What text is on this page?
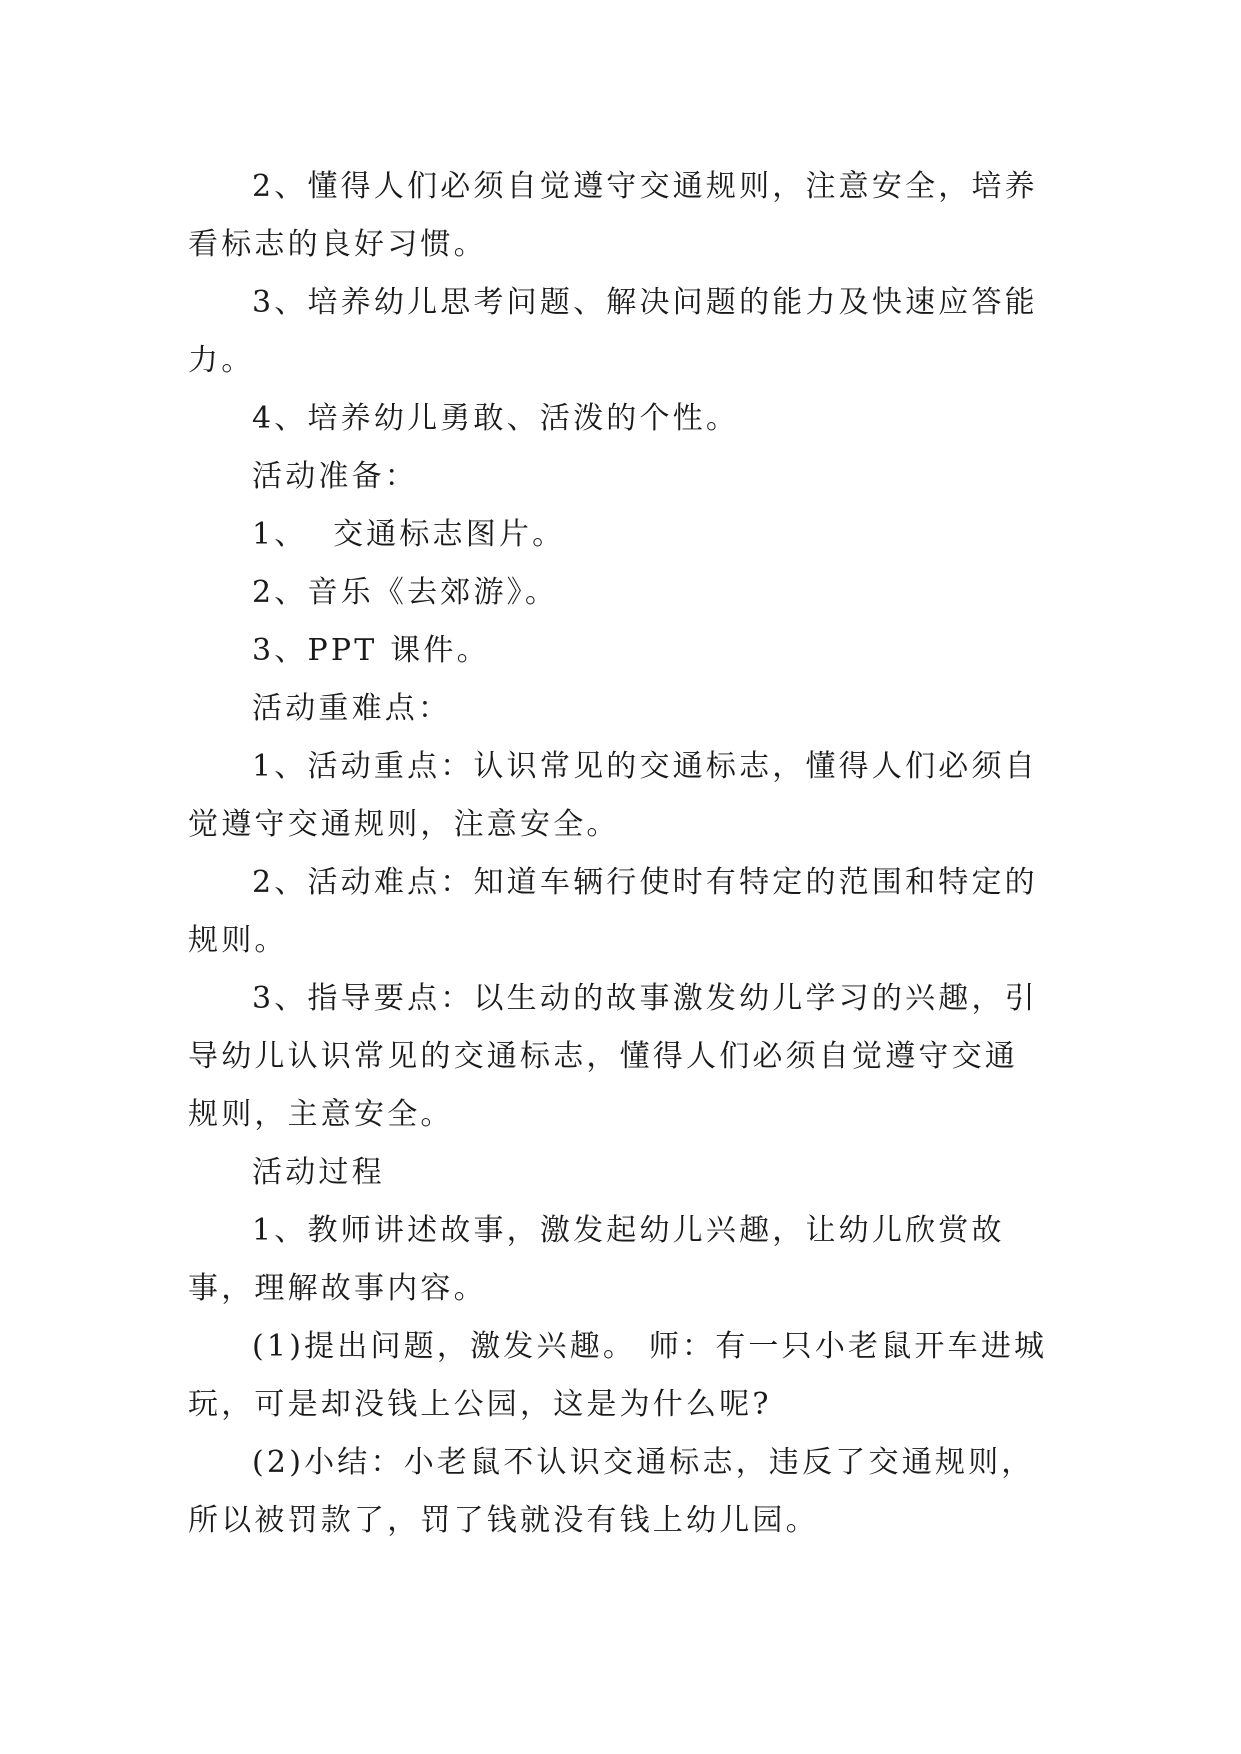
2、懂得人们必须自觉遵守交通规则，注意安全，培养看标志的良好习惯。

3、培养幼儿思考问题、解决问题的能力及快速应答能力。

4、培养幼儿勇敢、活泼的个性。

活动准备：

1、  交通标志图片。

2、音乐《去郊游》。

3、PPT 课件。

活动重难点：

1、活动重点：认识常见的交通标志，懂得人们必须自觉遵守交通规则，注意安全。

2、活动难点：知道车辆行使时有特定的范围和特定的规则。

3、指导要点：以生动的故事激发幼儿学习的兴趣，引导幼儿认识常见的交通标志，懂得人们必须自觉遵守交通规则，主意安全。

活动过程

1、教师讲述故事，激发起幼儿兴趣，让幼儿欣赏故事，理解故事内容。

(1)提出问题，激发兴趣。 师：有一只小老鼠开车进城玩，可是却没钱上公园，这是为什么呢?

(2)小结：小老鼠不认识交通标志，违反了交通规则，所以被罚款了，罚了钱就没有钱上幼儿园。
